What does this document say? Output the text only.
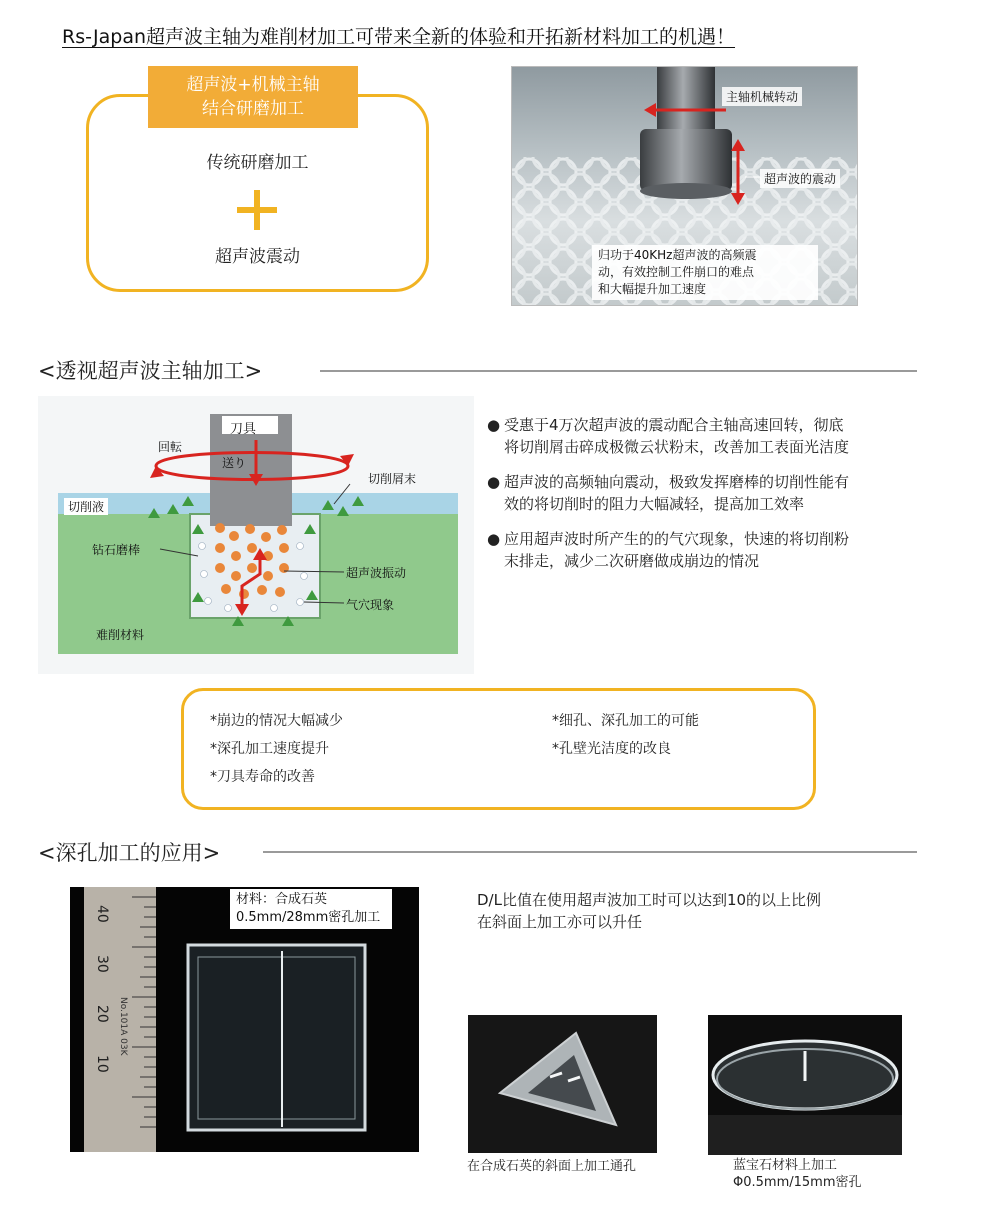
Rs-Japan超声波主轴为难削材加工可带来全新的体验和开拓新材料加工的机遇！
超声波+机械主轴
结合研磨加工
传统研磨加工
超声波震动
主轴机械转动
超声波的震动
归功于40KHz超声波的高频震
动，有效控制工件崩口的难点
和大幅提升加工速度
<透视超声波主轴加工>
刀具
回転
送り
切削屑末
切削液
钻石磨棒
超声波振动
气穴现象
难削材料
● 受惠于4万次超声波的震动配合主轴高速回转，彻底
将切削屑击碎成极微云状粉末，改善加工表面光洁度
● 超声波的高频轴向震动，极致发挥磨棒的切削性能有
效的将切削时的阻力大幅减轻，提高加工效率
● 应用超声波时所产生的的气穴现象，快速的将切削粉
末排走，减少二次研磨做成崩边的情况
*崩边的情况大幅减少
*深孔加工速度提升
*刀具寿命的改善
*细孔、深孔加工的可能
*孔壁光洁度的改良
<深孔加工的应用>
40
30
20
10
No.101A 03K
材料：合成石英
0.5mm/28mm密孔加工
D/L比值在使用超声波加工时可以达到10的以上比例
在斜面上加工亦可以升任
在合成石英的斜面上加工通孔	蓝宝石材料上加工
Φ0.5mm/15mm密孔
